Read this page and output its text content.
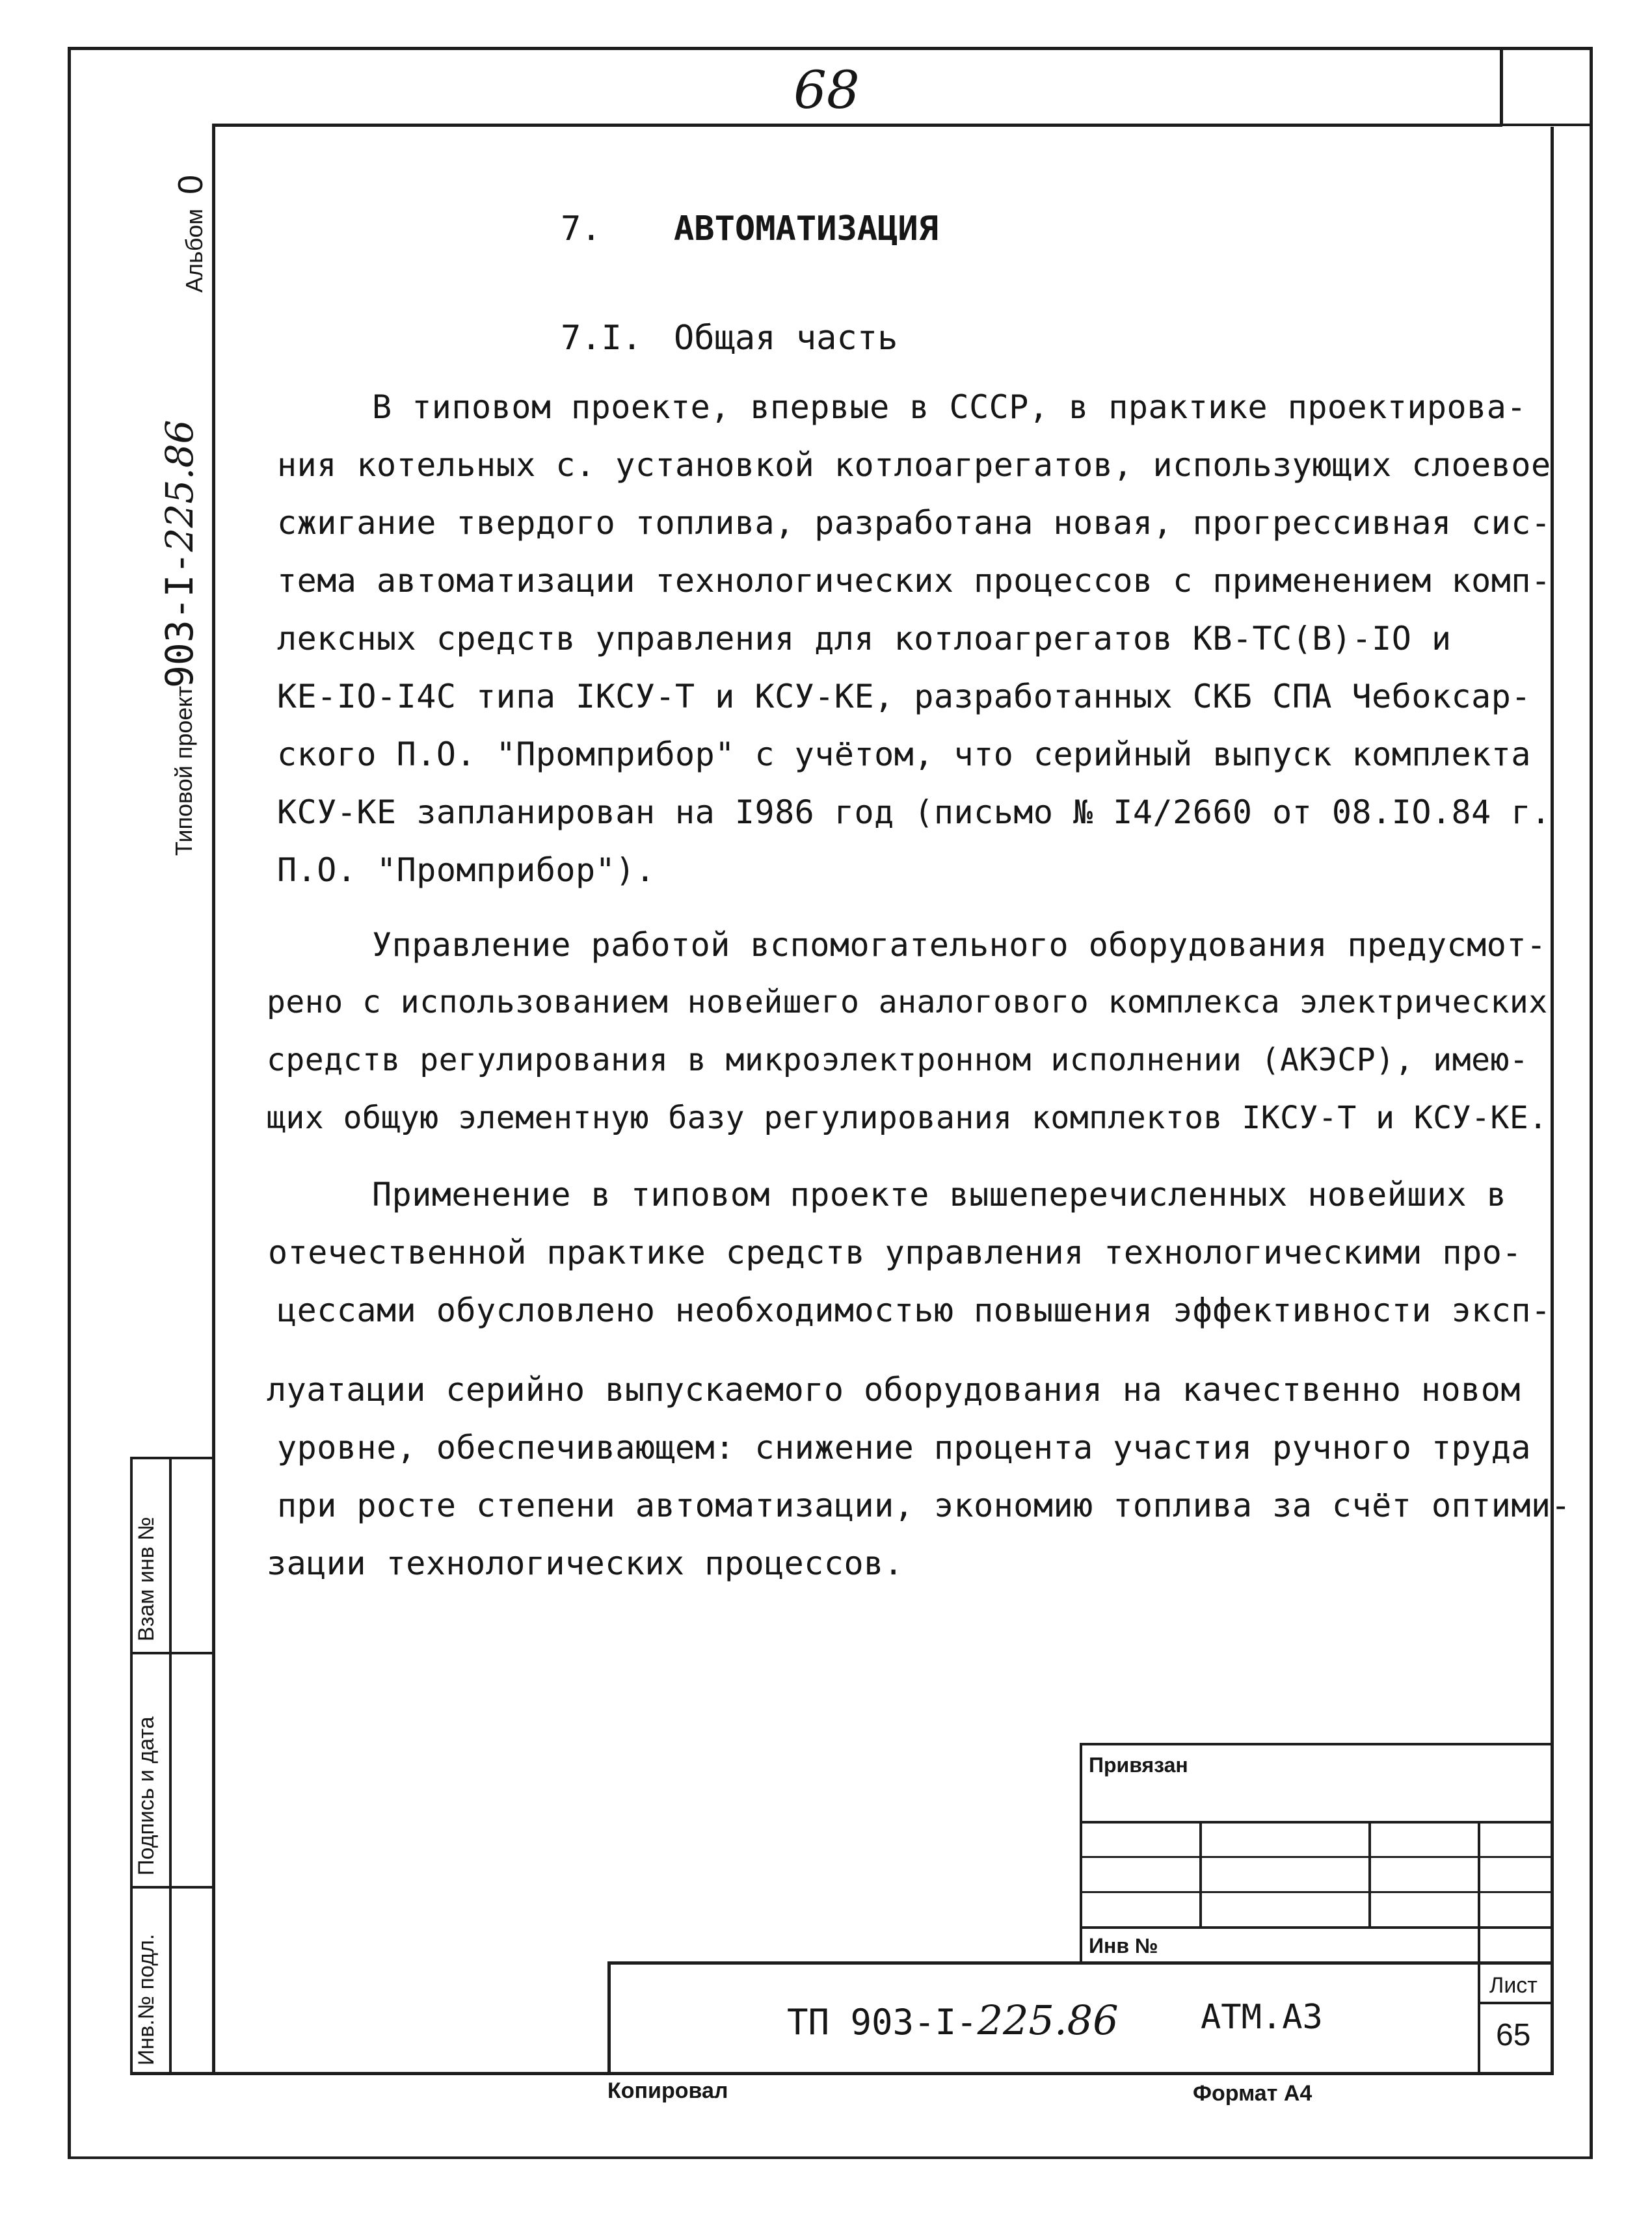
68
Альбом 0
Типовой проект
903-I-225.86
Взам инв №
Подпись и дата
Инв.№ подл.
7. АВТОМАТИЗАЦИЯ
7.I. Общая часть
В типовом проекте, впервые в СССР, в практике проектирова-
ния котельных с. установкой котлоагрегатов, использующих слоевое
сжигание твердого топлива, разработана новая, прогрессивная сис-
тема автоматизации технологических процессов с применением комп-
лексных средств управления для котлоагрегатов КВ-ТС(В)-IO и
КЕ-IO-I4C типа IКСУ-Т и КСУ-КЕ, разработанных СКБ СПА Чебоксар-
ского П.О. "Промприбор" с учётом, что серийный выпуск комплекта
КСУ-КЕ запланирован на I986 год (письмо № I4/2660 от 08.IO.84 г.
П.О. "Промприбор").
Управление работой вспомогательного оборудования предусмот-
рено с использованием новейшего аналогового комплекса электрических
средств регулирования в микроэлектронном исполнении (АКЭСР), имею-
щих общую элементную базу регулирования комплектов IКСУ-Т и КСУ-КЕ.
Применение в типовом проекте вышеперечисленных новейших в
отечественной практике средств управления технологическими про-
цессами обусловлено необходимостью повышения эффективности эксп-
луатации серийно выпускаемого оборудования на качественно новом
уровне, обеспечивающем: снижение процента участия ручного труда
при росте степени автоматизации, экономию топлива за счёт оптими-
зации технологических процессов.
Привязан
Инв №
ТП 903-I-225.86 АТМ.А3
Лист
65
Копировал	Формат А4
